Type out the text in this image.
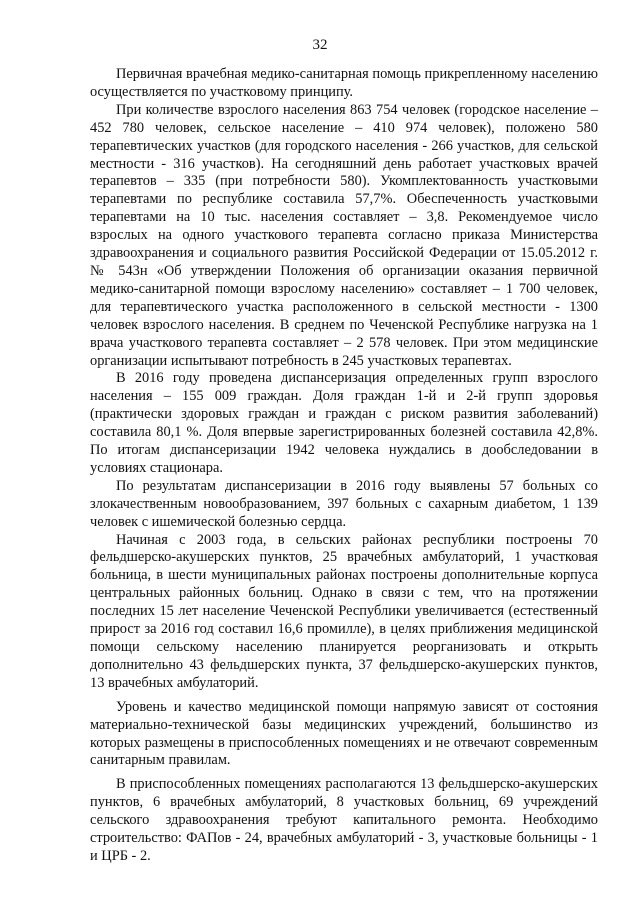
32

Первичная врачебная медико-санитарная помощь прикрепленному населению осуществляется по участковому принципу.

При количестве взрослого населения 863 754 человек (городское население – 452 780 человек, сельское население – 410 974 человек), положено 580 терапевтических участков (для городского населения - 266 участков, для сельской местности - 316 участков). На сегодняшний день работает участковых врачей терапевтов – 335 (при потребности 580). Укомплектованность участковыми терапевтами по республике составила 57,7%. Обеспеченность участковыми терапевтами на 10 тыс. населения составляет – 3,8. Рекомендуемое число взрослых на одного участкового терапевта согласно приказа Министерства здравоохранения и социального развития Российской Федерации от 15.05.2012 г. № 543н «Об утверждении Положения об организации оказания первичной медико-санитарной помощи взрослому населению» составляет – 1 700 человек, для терапевтического участка расположенного в сельской местности - 1300 человек взрослого населения. В среднем по Чеченской Республике нагрузка на 1 врача участкового терапевта составляет – 2 578 человек. При этом медицинские организации испытывают потребность в 245 участковых терапевтах.

В 2016 году проведена диспансеризация определенных групп взрослого населения – 155 009 граждан. Доля граждан 1-й и 2-й групп здоровья (практически здоровых граждан и граждан с риском развития заболеваний) составила 80,1 %. Доля впервые зарегистрированных болезней составила 42,8%. По итогам диспансеризации 1942 человека нуждались в дообследовании в условиях стационара.

По результатам диспансеризации в 2016 году выявлены 57 больных со злокачественным новообразованием, 397 больных с сахарным диабетом, 1 139 человек с ишемической болезнью сердца.

Начиная с 2003 года, в сельских районах республики построены 70 фельдшерско-акушерских пунктов, 25 врачебных амбулаторий, 1 участковая больница, в шести муниципальных районах построены дополнительные корпуса центральных районных больниц. Однако в связи с тем, что на протяжении последних 15 лет население Чеченской Республики увеличивается (естественный прирост за 2016 год составил 16,6 промилле), в целях приближения медицинской помощи сельскому населению планируется реорганизовать и открыть дополнительно 43 фельдшерских пункта, 37 фельдшерско-акушерских пунктов, 13 врачебных амбулаторий.

Уровень и качество медицинской помощи напрямую зависят от состояния материально-технической базы медицинских учреждений, большинство из которых размещены в приспособленных помещениях и не отвечают современным санитарным правилам.

В приспособленных помещениях располагаются 13 фельдшерско-акушерских пунктов, 6 врачебных амбулаторий, 8 участковых больниц, 69 учреждений сельского здравоохранения требуют капитального ремонта. Необходимо строительство: ФАПов - 24, врачебных амбулаторий - 3, участковые больницы - 1 и ЦРБ - 2.
